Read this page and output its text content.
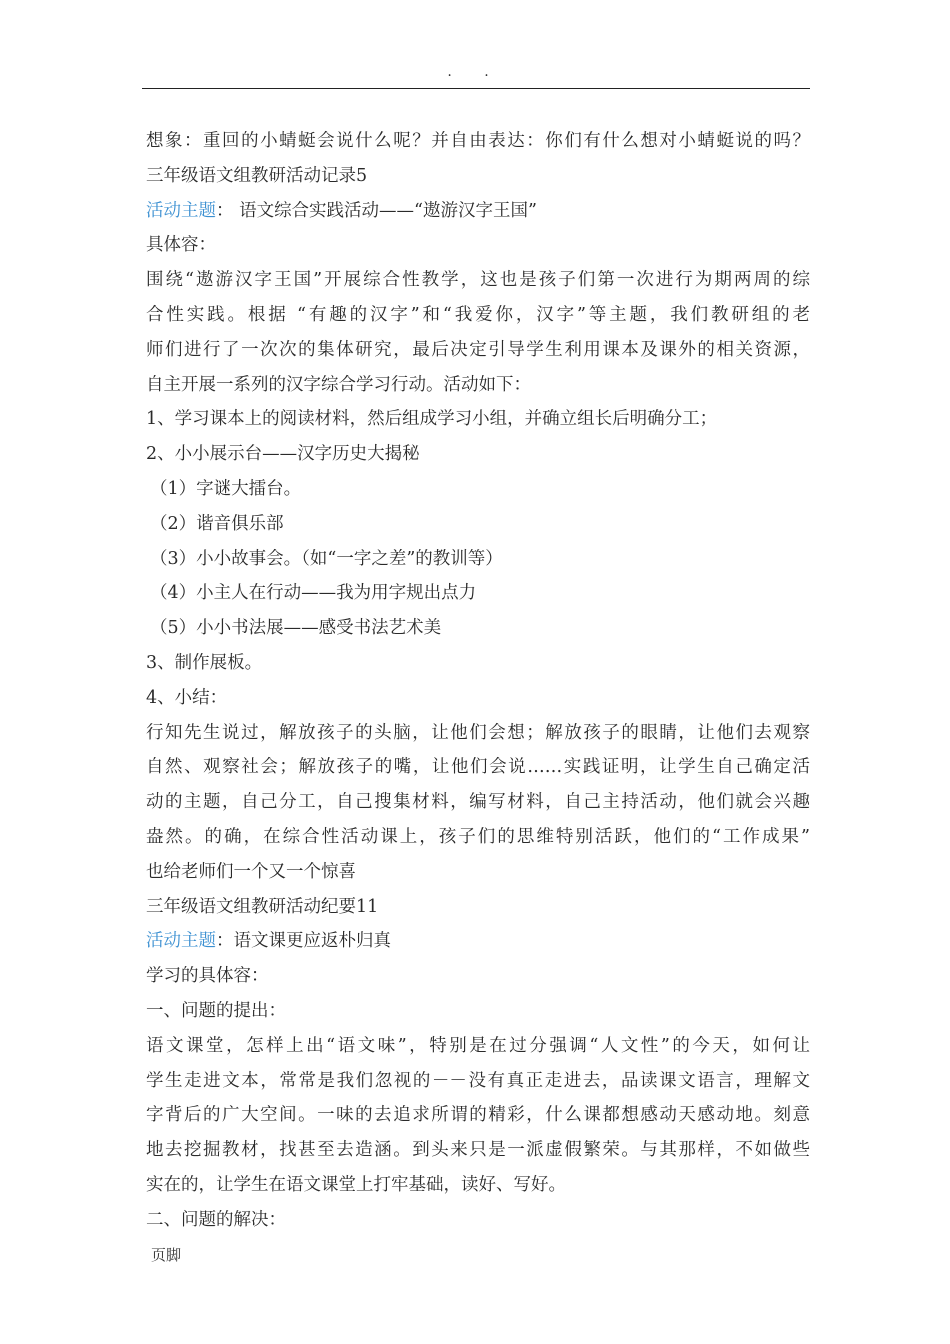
. .
想象：重回的小蜻蜓会说什么呢？并自由表达：你们有什么想对小蜻蜓说的吗？
三年级语文组教研活动记录5
活动主题： 语文综合实践活动——“遨游汉字王国”
具体容：
围绕“遨游汉字王国”开展综合性教学，这也是孩子们第一次进行为期两周的综
合性实践。根据 “有趣的汉字”和“我爱你，汉字”等主题，我们教研组的老
师们进行了一次次的集体研究，最后决定引导学生利用课本及课外的相关资源，
自主开展一系列的汉字综合学习行动。活动如下：
1、学习课本上的阅读材料，然后组成学习小组，并确立组长后明确分工；
2、小小展示台——汉字历史大揭秘
（1）字谜大擂台。
（2）谐音俱乐部
（3）小小故事会。（如“一字之差”的教训等）
（4）小主人在行动——我为用字规出点力
（5）小小书法展——感受书法艺术美
3、制作展板。
4、小结：
行知先生说过，解放孩子的头脑，让他们会想；解放孩子的眼睛，让他们去观察
自然、观察社会；解放孩子的嘴，让他们会说……实践证明，让学生自己确定活
动的主题，自己分工，自己搜集材料，编写材料，自己主持活动，他们就会兴趣
盎然。的确，在综合性活动课上，孩子们的思维特别活跃，他们的“工作成果”
也给老师们一个又一个惊喜
三年级语文组教研活动纪要11
活动主题：语文课更应返朴归真
学习的具体容：
一、问题的提出：
语文课堂，怎样上出“语文味”，特别是在过分强调“人文性”的今天，如何让
学生走进文本，常常是我们忽视的－－没有真正走进去，品读课文语言，理解文
字背后的广大空间。一味的去追求所谓的精彩，什么课都想感动天感动地。刻意
地去挖掘教材，找甚至去造涵。到头来只是一派虚假繁荣。与其那样，不如做些
实在的，让学生在语文课堂上打牢基础，读好、写好。
二、问题的解决：
页脚
